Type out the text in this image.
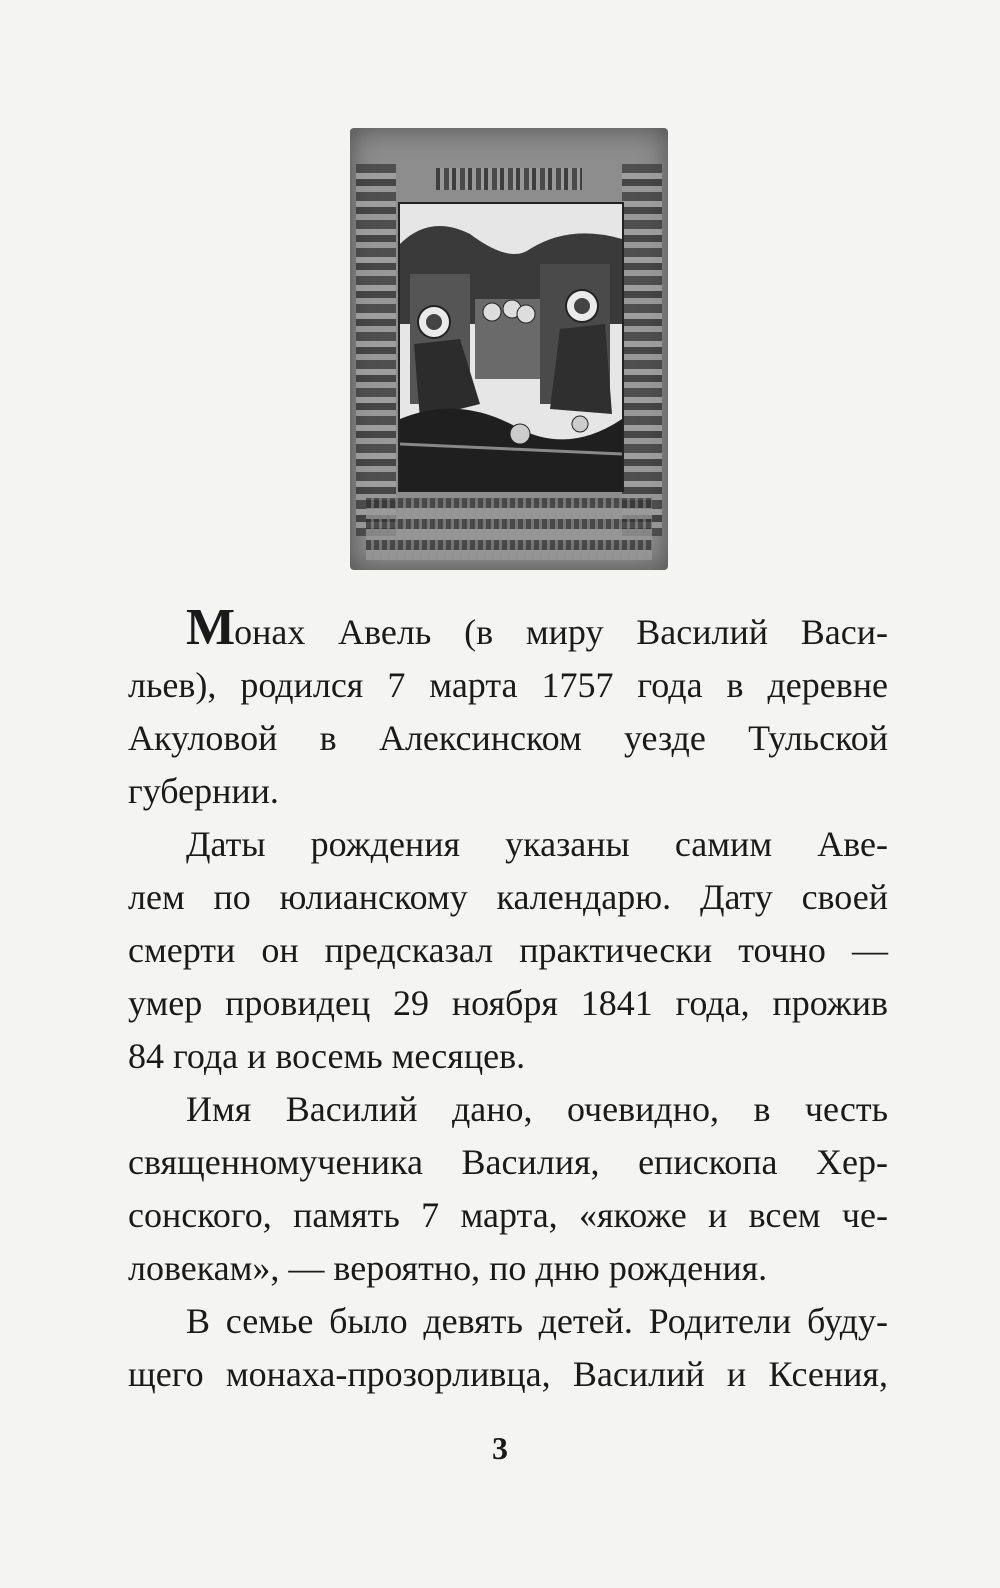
Монах Авель (в миру Василий Васи-

льев), родился 7 марта 1757 года в деревне

Акуловой в Алексинском уезде Тульской

губернии.

Даты рождения указаны самим Аве-

лем по юлианскому календарю. Дату своей

смерти он предсказал практически точно —

умер провидец 29 ноября 1841 года, прожив

84 года и восемь месяцев.

Имя Василий дано, очевидно, в честь

священномученика Василия, епископа Хер-

сонского, память 7 марта, «якоже и всем че-

ловекам», — вероятно, по дню рождения.

В семье было девять детей. Родители буду-

щего монаха-прозорливца, Василий и Ксения,

3
